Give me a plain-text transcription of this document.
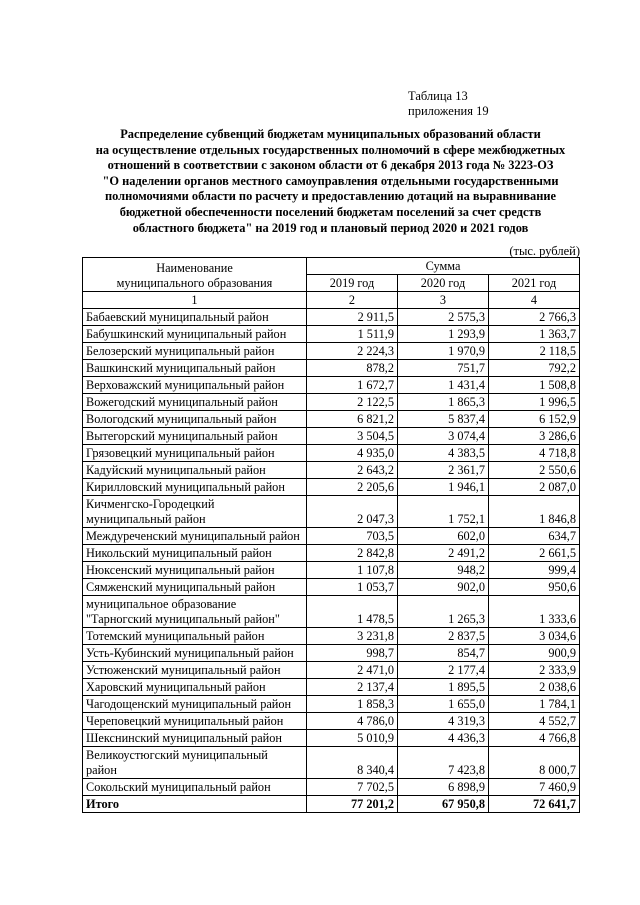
Таблица 13
приложения 19
Распределение субвенций бюджетам муниципальных образований области
на осуществление отдельных государственных полномочий в сфере межбюджетных
отношений в соответствии с законом области от 6 декабря 2013 года № 3223-ОЗ
"О наделении органов местного самоуправления отдельными государственными
полномочиями области по расчету и предоставлению дотаций на выравнивание
бюджетной обеспеченности поселений бюджетам поселений за счет средств
областного бюджета" на 2019 год и плановый период 2020 и 2021 годов
(тыс. рублей)
Наименование
муниципального образования	Сумма		
	2019 год	2020 год	2021 год
1	2	3	4

Бабаевский муниципальный район	2 911,5	2 575,3	2 766,3

Бабушкинский муниципальный район	1 511,9	1 293,9	1 363,7

Белозерский муниципальный район	2 224,3	1 970,9	2 118,5

Вашкинский муниципальный район	878,2	751,7	792,2

Верховажский муниципальный район	1 672,7	1 431,4	1 508,8

Вожегодский муниципальный район	2 122,5	1 865,3	1 996,5

Вологодский муниципальный район	6 821,2	5 837,4	6 152,9

Вытегорский муниципальный район	3 504,5	3 074,4	3 286,6

Грязовецкий муниципальный район	4 935,0	4 383,5	4 718,8

Кадуйский муниципальный район	2 643,2	2 361,7	2 550,6

Кирилловский муниципальный район	2 205,6	1 946,1	2 087,0

Кичменгско-Городецкий
муниципальный район	2 047,3	1 752,1	1 846,8

Междуреченский муниципальный район	703,5	602,0	634,7

Никольский муниципальный район	2 842,8	2 491,2	2 661,5

Нюксенский муниципальный район	1 107,8	948,2	999,4

Сямженский муниципальный район	1 053,7	902,0	950,6

муниципальное образование
"Тарногский муниципальный район"	1 478,5	1 265,3	1 333,6

Тотемский муниципальный район	3 231,8	2 837,5	3 034,6

Усть-Кубинский муниципальный район	998,7	854,7	900,9

Устюженский муниципальный район	2 471,0	2 177,4	2 333,9

Харовский муниципальный район	2 137,4	1 895,5	2 038,6

Чагодощенский муниципальный район	1 858,3	1 655,0	1 784,1

Череповецкий муниципальный район	4 786,0	4 319,3	4 552,7

Шекснинский муниципальный район	5 010,9	4 436,3	4 766,8

Великоустюгский муниципальный
район	8 340,4	7 423,8	8 000,7

Сокольский муниципальный район	7 702,5	6 898,9	7 460,9
Итого	77 201,2	67 950,8	72 641,7
